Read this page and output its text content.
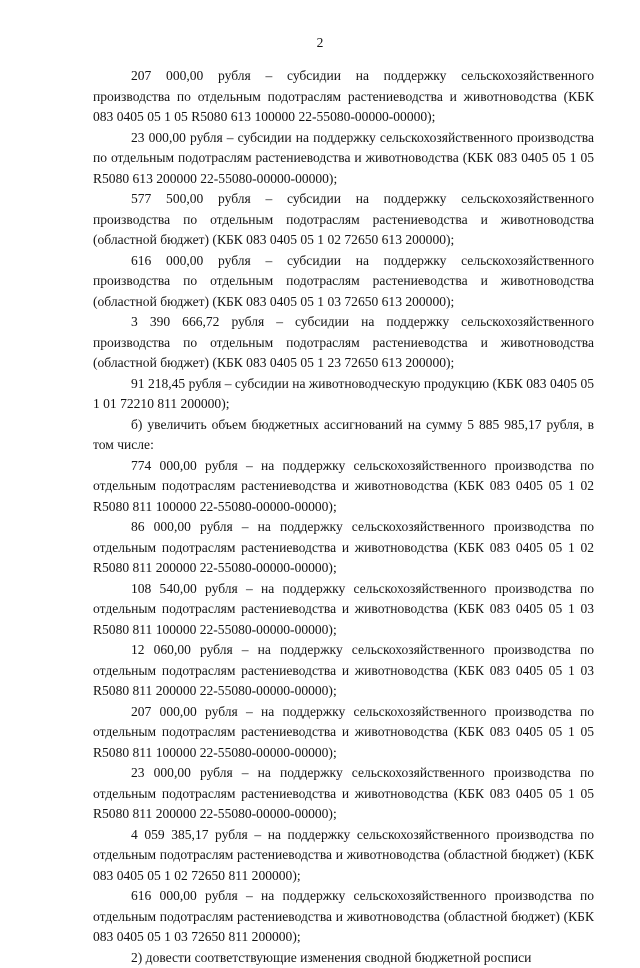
2

207 000,00 рубля – субсидии на поддержку сельскохозяйственного производства по отдельным подотраслям растениеводства и животноводства (КБК 083 0405 05 1 05 R5080 613 100000 22-55080-00000-00000);

23 000,00 рубля – субсидии на поддержку сельскохозяйственного производства по отдельным подотраслям растениеводства и животноводства (КБК 083 0405 05 1 05 R5080 613 200000 22-55080-00000-00000);

577 500,00 рубля – субсидии на поддержку сельскохозяйственного производства по отдельным подотраслям растениеводства и животноводства (областной бюджет) (КБК 083 0405 05 1 02 72650 613 200000);

616 000,00 рубля – субсидии на поддержку сельскохозяйственного производства по отдельным подотраслям растениеводства и животноводства (областной бюджет) (КБК 083 0405 05 1 03 72650 613 200000);

3 390 666,72 рубля – субсидии на поддержку сельскохозяйственного производства по отдельным подотраслям растениеводства и животноводства (областной бюджет) (КБК 083 0405 05 1 23 72650 613 200000);

91 218,45 рубля – субсидии на животноводческую продукцию (КБК 083 0405 05 1 01 72210 811 200000);

б) увеличить объем бюджетных ассигнований на сумму 5 885 985,17 рубля, в том числе:

774 000,00 рубля – на поддержку сельскохозяйственного производства по отдельным подотраслям растениеводства и животноводства (КБК 083 0405 05 1 02 R5080 811 100000 22-55080-00000-00000);

86 000,00 рубля – на поддержку сельскохозяйственного производства по отдельным подотраслям растениеводства и животноводства (КБК 083 0405 05 1 02 R5080 811 200000 22-55080-00000-00000);

108 540,00 рубля – на поддержку сельскохозяйственного производства по отдельным подотраслям растениеводства и животноводства (КБК 083 0405 05 1 03 R5080 811 100000 22-55080-00000-00000);

12 060,00 рубля – на поддержку сельскохозяйственного производства по отдельным подотраслям растениеводства и животноводства (КБК 083 0405 05 1 03 R5080 811 200000 22-55080-00000-00000);

207 000,00 рубля – на поддержку сельскохозяйственного производства по отдельным подотраслям растениеводства и животноводства (КБК 083 0405 05 1 05 R5080 811 100000 22-55080-00000-00000);

23 000,00 рубля – на поддержку сельскохозяйственного производства по отдельным подотраслям растениеводства и животноводства (КБК 083 0405 05 1 05 R5080 811 200000 22-55080-00000-00000);

4 059 385,17 рубля – на поддержку сельскохозяйственного производства по отдельным подотраслям растениеводства и животноводства (областной бюджет) (КБК 083 0405 05 1 02 72650 811 200000);

616 000,00 рубля – на поддержку сельскохозяйственного производства по отдельным подотраслям растениеводства и животноводства (областной бюджет) (КБК 083 0405 05 1 03 72650 811 200000);

2) довести соответствующие изменения сводной бюджетной росписи
